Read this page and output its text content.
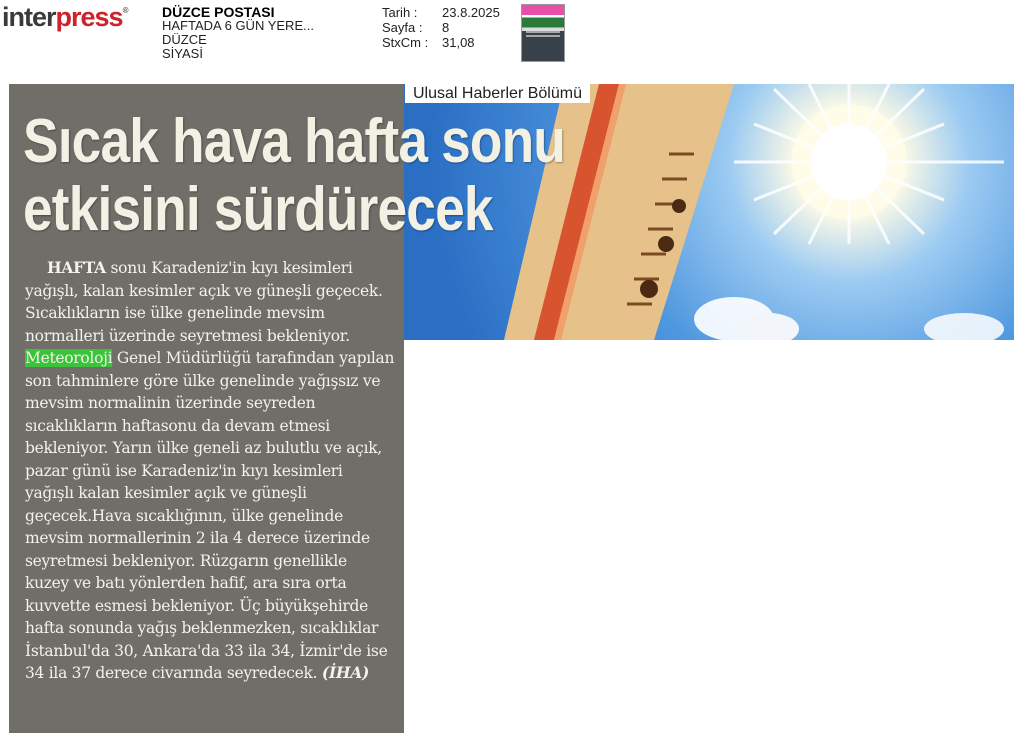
interpress® DÜZCE POSTASI
HAFTADA 6 GÜN YERE...
DÜZCE
SİYASİ
Tarih :	23.8.2025
Sayfa :	8
StxCm :	31,08
Ulusal Haberler Bölümü
Sıcak hava hafta sonu
etkisini sürdürecek

HAFTA sonu Karadeniz'in kıyı kesimleri yağışlı, kalan kesimler açık ve güneşli geçecek. Sıcaklıkların ise ülke genelinde mevsim normalleri üzerinde seyretmesi bekleniyor. Meteoroloji Genel Müdürlüğü tarafından yapılan son tahminlere göre ülke genelinde yağışsız ve mevsim normalinin üzerinde seyreden sıcaklıkların haftasonu da devam etmesi bekleniyor. Yarın ülke geneli az bulutlu ve açık, pazar günü ise Karadeniz'in kıyı kesimleri yağışlı kalan kesimler açık ve güneşli geçecek.Hava sıcaklığının, ülke genelinde mevsim normallerinin 2 ila 4 derece üzerinde seyretmesi bekleniyor. Rüzgarın genellikle kuzey ve batı yönlerden hafif, ara sıra orta kuvvette esmesi bekleniyor. Üç büyükşehirde hafta sonunda yağış beklenmezken, sıcaklıklar İstanbul'da 30, Ankara'da 33 ila 34, İzmir'de ise 34 ila 37 derece civarında seyredecek. (İHA)
